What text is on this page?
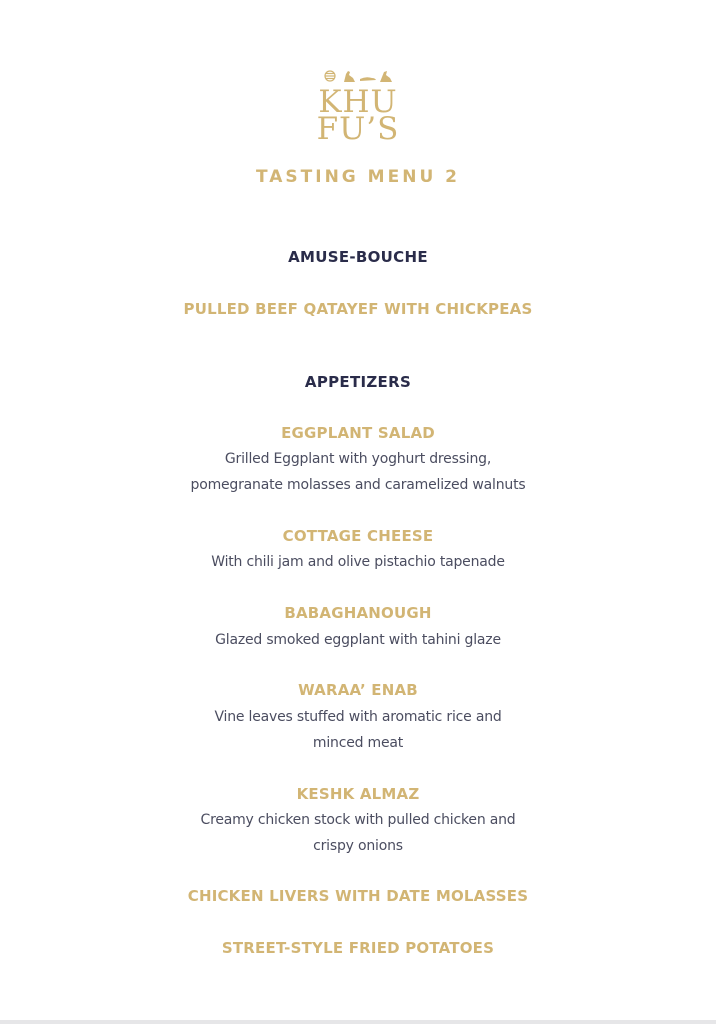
KHU
FU’S
TASTING MENU 2
AMUSE-BOUCHE
PULLED BEEF QATAYEF WITH CHICKPEAS
APPETIZERS
EGGPLANT SALAD
Grilled Eggplant with yoghurt dressing,
pomegranate molasses and caramelized walnuts
COTTAGE CHEESE
With chili jam and olive pistachio tapenade
BABAGHANOUGH
Glazed smoked eggplant with tahini glaze
WARAA’ ENAB
Vine leaves stuffed with aromatic rice and
minced meat
KESHK ALMAZ
Creamy chicken stock with pulled chicken and
crispy onions
CHICKEN LIVERS WITH DATE MOLASSES
STREET-STYLE FRIED POTATOES
